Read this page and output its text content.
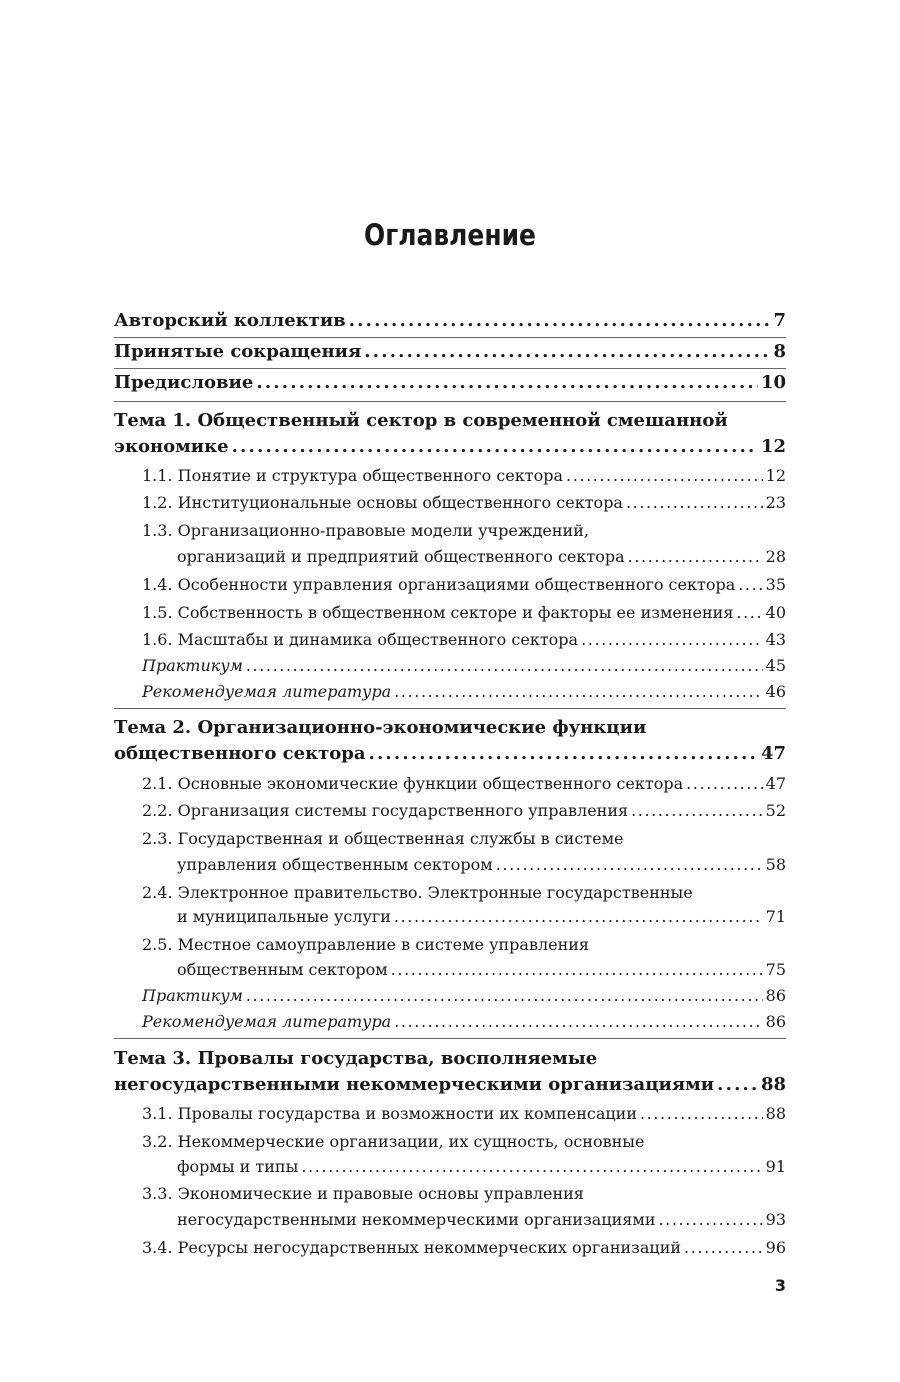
Оглавление
Авторский коллектив .....	7
Принятые сокращения .....	8
Предисловие .....	10
Тема 1. Общественный сектор в современной смешанной
экономике .....	12
1.1. Понятие и структура общественного сектора .....	12
1.2. Институциональные основы общественного сектора .....	23
1.3. Организационно-правовые модели учреждений,
организаций и предприятий общественного сектора .....	28
1.4. Особенности управления организациями общественного сектора ..... 35
1.5. Собственность в общественном секторе и факторы ее изменения ..... 40
1.6. Масштабы и динамика общественного сектора .....	43
Практикум .....	45
Рекомендуемая литература .....	46
Тема 2. Организационно-экономические функции
общественного сектора .....	47
2.1. Основные экономические функции общественного сектора .....	47
2.2. Организация системы государственного управления .....	52
2.3. Государственная и общественная службы в системе
управления общественным сектором .....	58
2.4. Электронное правительство. Электронные государственные
и муниципальные услуги .....	71
2.5. Местное самоуправление в системе управления
общественным сектором .....	75
Практикум .....	86
Рекомендуемая литература .....	86
Тема 3. Провалы государства, восполняемые
негосударственными некоммерческими организациями .....	88
3.1. Провалы государства и возможности их компенсации .....	88
3.2. Некоммерческие организации, их сущность, основные
формы и типы .....	91
3.3. Экономические и правовые основы управления
негосударственными некоммерческими организациями .....	93
3.4. Ресурсы негосударственных некоммерческих организаций .....	96
3
